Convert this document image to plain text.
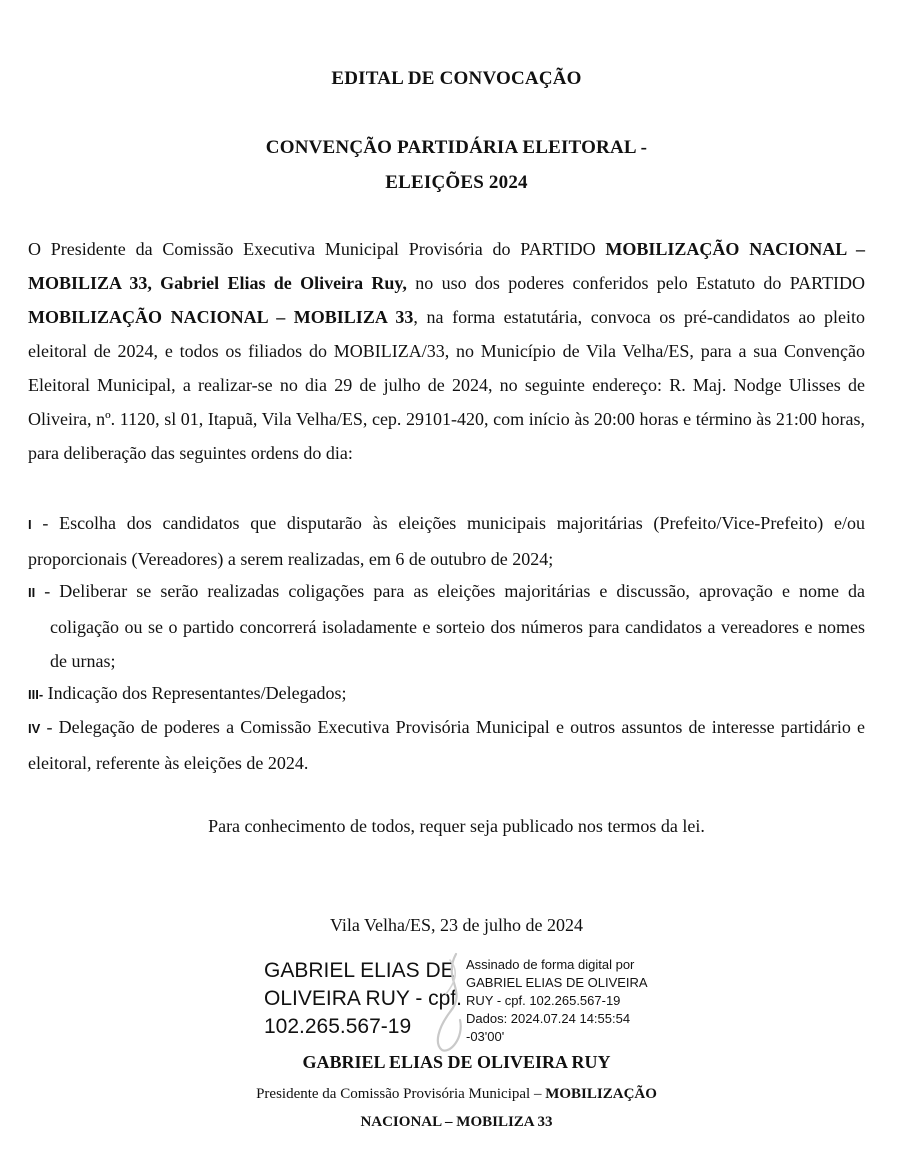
EDITAL DE CONVOCAÇÃO
CONVENÇÃO PARTIDÁRIA ELEITORAL -
ELEIÇÕES 2024

O Presidente da Comissão Executiva Municipal Provisória do PARTIDO MOBILIZAÇÃO NACIONAL – MOBILIZA 33, Gabriel Elias de Oliveira Ruy, no uso dos poderes conferidos pelo Estatuto do PARTIDO MOBILIZAÇÃO NACIONAL – MOBILIZA 33, na forma estatutária, convoca os pré-candidatos ao pleito eleitoral de 2024, e todos os filiados do MOBILIZA/33, no Município de Vila Velha/ES, para a sua Convenção Eleitoral Municipal, a realizar-se no dia 29 de julho de 2024, no seguinte endereço: R. Maj. Nodge Ulisses de Oliveira, nº. 1120, sl 01, Itapuã, Vila Velha/ES, cep. 29101-420, com início às 20:00 horas e término às 21:00 horas, para deliberação das seguintes ordens do dia:

I - Escolha dos candidatos que disputarão às eleições municipais majoritárias (Prefeito/Vice-Prefeito) e/ou proporcionais (Vereadores) a serem realizadas, em 6 de outubro de 2024;

II - Deliberar se serão realizadas coligações para as eleições majoritárias e discussão, aprovação e nome da coligação ou se o partido concorrerá isoladamente e sorteio dos números para candidatos a vereadores e nomes de urnas;

III- Indicação dos Representantes/Delegados;

IV - Delegação de poderes a Comissão Executiva Provisória Municipal e outros assuntos de interesse partidário e eleitoral, referente às eleições de 2024.

Para conhecimento de todos, requer seja publicado nos termos da lei.
Vila Velha/ES, 23 de julho de 2024
GABRIEL ELIAS DE
OLIVEIRA RUY - cpf.
102.265.567-19
Assinado de forma digital por
GABRIEL ELIAS DE OLIVEIRA
RUY - cpf. 102.265.567-19
Dados: 2024.07.24 14:55:54
-03'00'
GABRIEL ELIAS DE OLIVEIRA RUY
Presidente da Comissão Provisória Municipal – MOBILIZAÇÃO
NACIONAL – MOBILIZA 33
